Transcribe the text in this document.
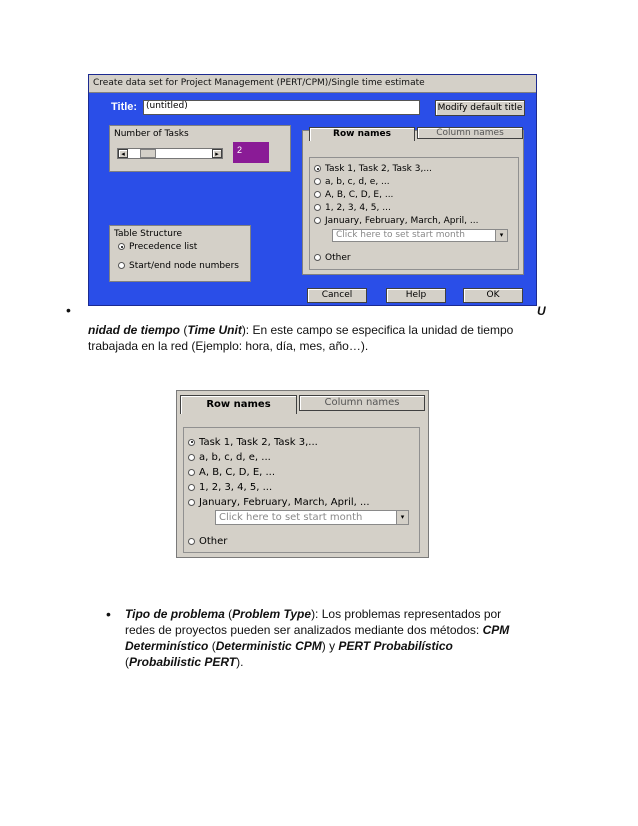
Create data set for Project Management (PERT/CPM)/Single time estimate
Title: (untitled)	Modify default title
Number of Tasks
◂	▸	2
Table Structure
Precedence list
Start/end node numbers
Row names	Column names
Task 1, Task 2, Task 3,...
a, b, c, d, e, ...
A, B, C, D, E, ...
1, 2, 3, 4, 5, ...
January, February, March, April, ...
Click here to set start month	▾
Other
Cancel	Help	OK
•	U
nidad de tiempo (Time Unit): En este campo se especifica la unidad de tiempo
trabajada en la red (Ejemplo: hora, día, mes, año…).
Row names	Column names
Task 1, Task 2, Task 3,...
a, b, c, d, e, ...
A, B, C, D, E, ...
1, 2, 3, 4, 5, ...
January, February, March, April, ...
Click here to set start month	▾
Other
• Tipo de problema (Problem Type): Los problemas representados por
redes de proyectos pueden ser analizados mediante dos métodos: CPM
Determinístico (Deterministic CPM) y PERT Probabilístico
(Probabilistic PERT).
